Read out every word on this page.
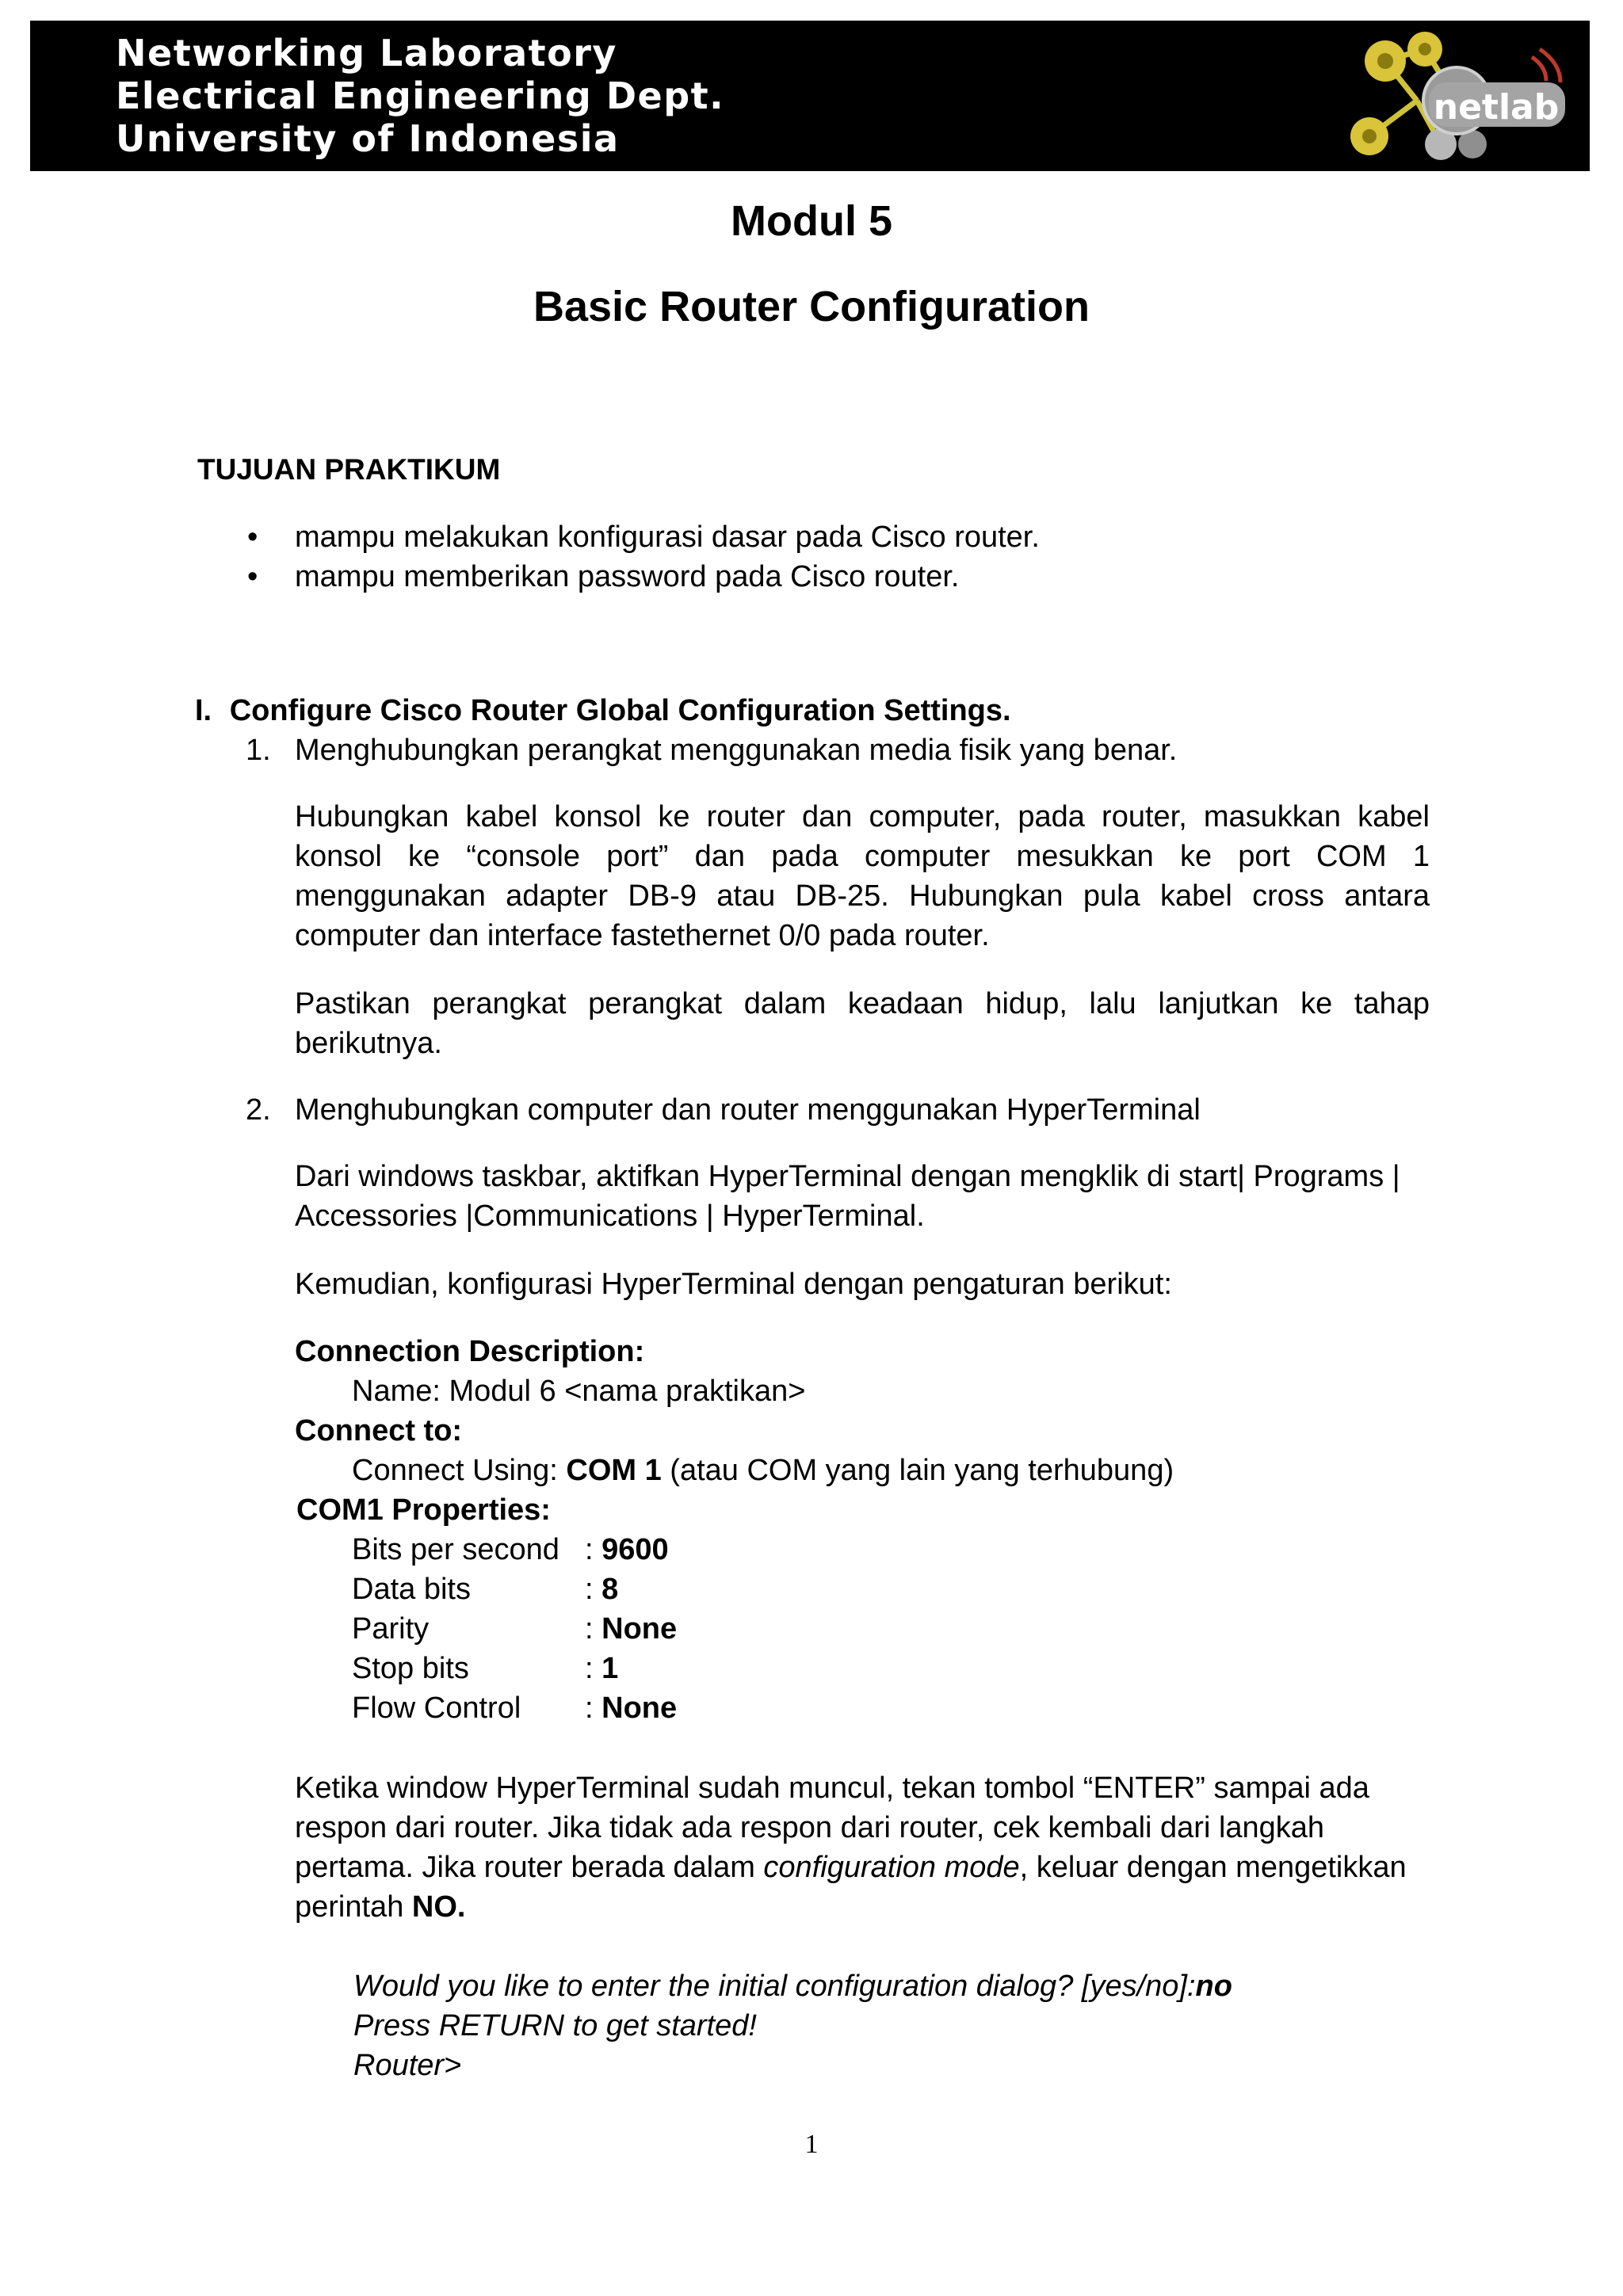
Networking Laboratory
Electrical Engineering Dept.
University of Indonesia
netlab
Modul 5
Basic Router Configuration
TUJUAN PRAKTIKUM
• mampu melakukan konfigurasi dasar pada Cisco router.
• mampu memberikan password pada Cisco router.
I. Configure Cisco Router Global Configuration Settings.
1. Menghubungkan perangkat menggunakan media fisik yang benar.
Hubungkan kabel konsol ke router dan computer, pada router, masukkan kabel konsol ke “console port” dan pada computer mesukkan ke port COM 1 menggunakan adapter DB-9 atau DB-25. Hubungkan pula kabel cross antara computer dan interface fastethernet 0/0 pada router.
Pastikan perangkat perangkat dalam keadaan hidup, lalu lanjutkan ke tahap berikutnya.
2. Menghubungkan computer dan router menggunakan HyperTerminal
Dari windows taskbar, aktifkan HyperTerminal dengan mengklik di start| Programs | Accessories |Communications | HyperTerminal.
Kemudian, konfigurasi HyperTerminal dengan pengaturan berikut:
Connection Description:
Name: Modul 6 <nama praktikan>
Connect to:
Connect Using: COM 1 (atau COM yang lain yang terhubung)
COM1 Properties:
Bits per second : 9600
Data bits	: 8
Parity	: None
Stop bits	: 1
Flow Control : None
Ketika window HyperTerminal sudah muncul, tekan tombol “ENTER” sampai ada respon dari router. Jika tidak ada respon dari router, cek kembali dari langkah pertama. Jika router berada dalam configuration mode, keluar dengan mengetikkan perintah NO.
Would you like to enter the initial configuration dialog? [yes/no]:no
Press RETURN to get started!
Router>
1
